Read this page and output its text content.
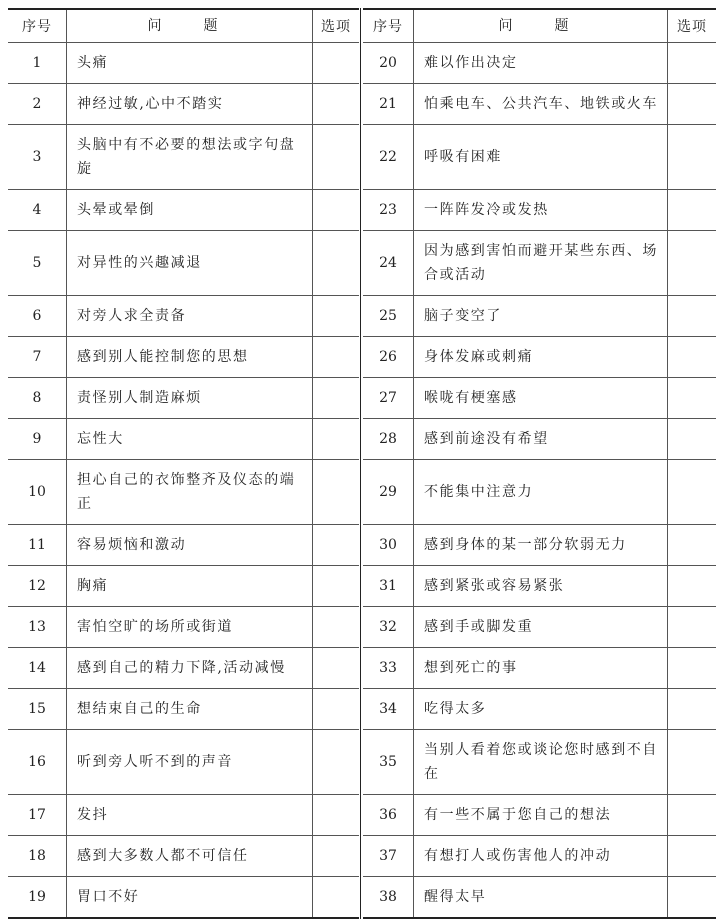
序号	问　题	选项
1	头痛	
2	神经过敏,心中不踏实	
3	头脑中有不必要的想法或字句盘旋	
4	头晕或晕倒	
5	对异性的兴趣减退	
6	对旁人求全责备	
7	感到别人能控制您的思想	
8	责怪别人制造麻烦	
9	忘性大	
10	担心自己的衣饰整齐及仪态的端正	
11	容易烦恼和激动	
12	胸痛	
13	害怕空旷的场所或街道	
14	感到自己的精力下降,活动减慢	
15	想结束自己的生命	
16	听到旁人听不到的声音	
17	发抖	
18	感到大多数人都不可信任	
19	胃口不好	
序号	问　题	选项
20	难以作出决定	
21	怕乘电车、公共汽车、地铁或火车	
22	呼吸有困难	
23	一阵阵发冷或发热	
24	因为感到害怕而避开某些东西、场合或活动	
25	脑子变空了	
26	身体发麻或刺痛	
27	喉咙有梗塞感	
28	感到前途没有希望	
29	不能集中注意力	
30	感到身体的某一部分软弱无力	
31	感到紧张或容易紧张	
32	感到手或脚发重	
33	想到死亡的事	
34	吃得太多	
35	当别人看着您或谈论您时感到不自在	
36	有一些不属于您自己的想法	
37	有想打人或伤害他人的冲动	
38	醒得太早	
